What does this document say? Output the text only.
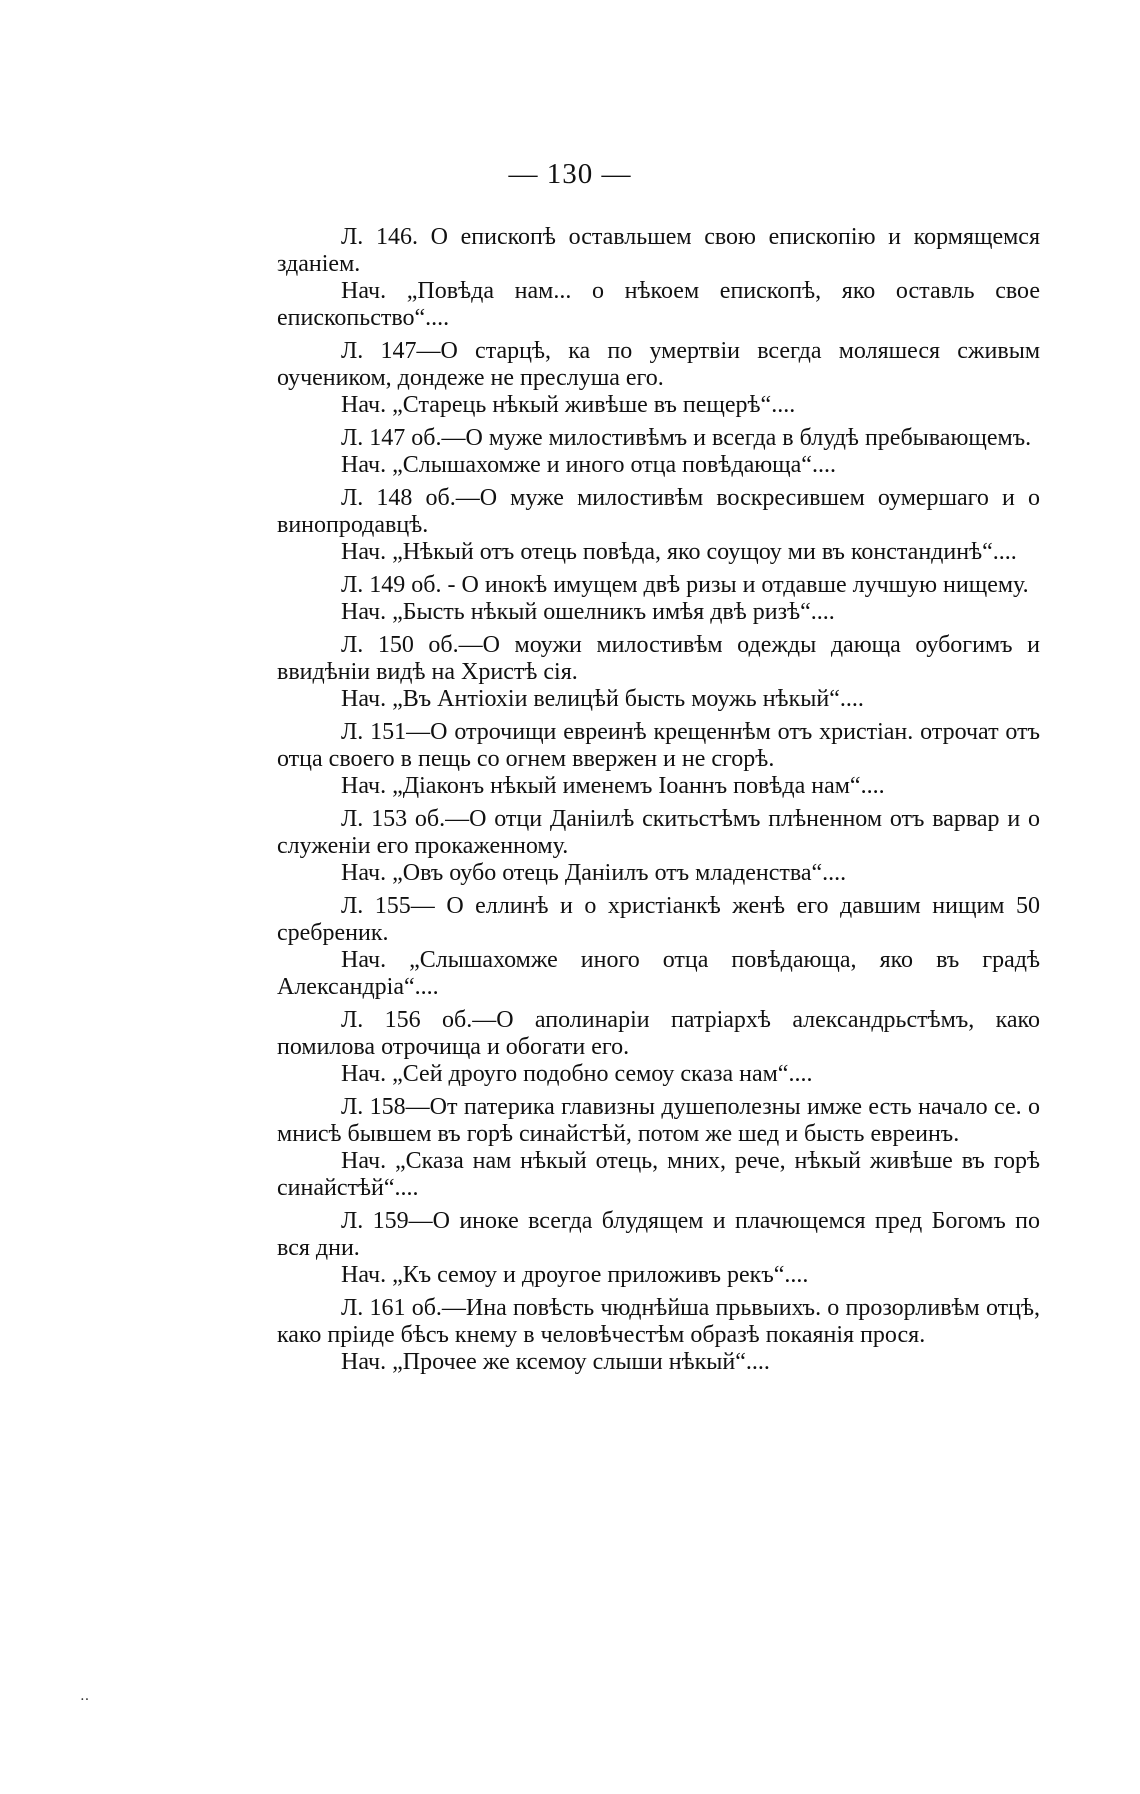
— 130 —
Л. 146. О епископѣ оставльшем свою епископію и кормящемся зданіем.
Нач. „Повѣда нам... о нѣкоем епископѣ, яко оставль свое епископьство“....
Л. 147—О старцѣ, ка по умертвіи всегда моляшеся сживым оучеником, дондеже не преслуша его.
Нач. „Старець нѣкый живѣше въ пещерѣ“....
Л. 147 об.—О муже милостивѣмъ и всегда в блудѣ пребывающемъ.
Нач. „Слышахомже и иного отца повѣдающа“....
Л. 148 об.—О муже милостивѣм воскресившем оумершаго и о винопродавцѣ.
Нач. „Нѣкый отъ отець повѣда, яко соущоу ми въ констандинѣ“....
Л. 149 об. - О инокѣ имущем двѣ ризы и отдавше лучшую нищему.
Нач. „Бысть нѣкый ошелникъ имѣя двѣ ризѣ“....
Л. 150 об.—О моужи милостивѣм одежды дающа оубогимъ и ввидѣніи видѣ на Христѣ сія.
Нач. „Въ Антіохіи велицѣй бысть моужь нѣкый“....
Л. 151—О отрочищи евреинѣ крещеннѣм отъ христіан. отрочат отъ отца своего в пещь со огнем ввержен и не сгорѣ.
Нач. „Діаконъ нѣкый именемъ Іоаннъ повѣда нам“....
Л. 153 об.—О отци Даніилѣ скитьстѣмъ плѣненном отъ варвар и о служеніи его прокаженному.
Нач. „Овъ оубо отець Даніилъ отъ младенства“....
Л. 155— О еллинѣ и о христіанкѣ женѣ его давшим нищим 50 сребреник.
Нач. „Слышахомже иного отца повѣдающа, яко въ градѣ Александріа“....
Л. 156 об.—О аполинаріи патріархѣ александрьстѣмъ, како помилова отрочища и обогати его.
Нач. „Сей дроуго подобно семоу сказа нам“....
Л. 158—От патерика главизны душеполезны имже есть начало се. о мнисѣ бывшем въ горѣ синайстѣй, потом же шед и бысть евреинъ.
Нач. „Сказа нам нѣкый отець, мних, рече, нѣкый живѣше въ горѣ синайстѣй“....
Л. 159—О иноке всегда блудящем и плачющемся пред Богомъ по вся дни.
Нач. „Къ семоу и дроугое приложивъ рекъ“....
Л. 161 об.—Ина повѣсть чюднѣйша прьвыихъ. о прозорливѣм отцѣ, како пріиде бѣсъ кнему в человѣчестѣм образѣ покаянія прося.
Нач. „Прочее же ксемоу слыши нѣкый“....
․․
